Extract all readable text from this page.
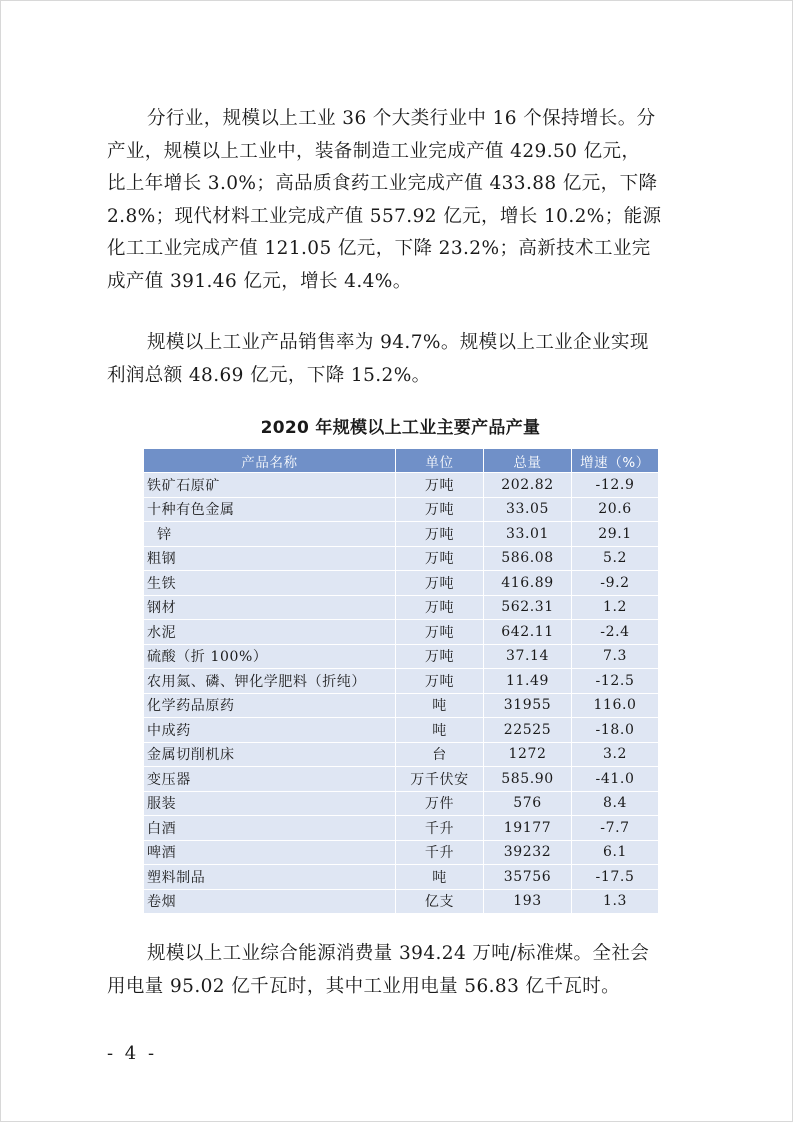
分行业，规模以上工业 36 个大类行业中 16 个保持增长。分
产业，规模以上工业中，装备制造工业完成产值 429.50 亿元，
比上年增长 3.0%；高品质食药工业完成产值 433.88 亿元，下降
2.8%；现代材料工业完成产值 557.92 亿元，增长 10.2%；能源
化工工业完成产值 121.05 亿元，下降 23.2%；高新技术工业完
成产值 391.46 亿元，增长 4.4%。
规模以上工业产品销售率为 94.7%。规模以上工业企业实现
利润总额 48.69 亿元，下降 15.2%。
2020 年规模以上工业主要产品产量
产品名称	单位	总量	增速（%）
铁矿石原矿	万吨	202.82	-12.9
十种有色金属	万吨	33.05	20.6
锌	万吨	33.01	29.1
粗钢	万吨	586.08	5.2
生铁	万吨	416.89	-9.2
钢材	万吨	562.31	1.2
水泥	万吨	642.11	-2.4
硫酸（折 100%）	万吨	37.14	7.3
农用氮、磷、钾化学肥料（折纯）	万吨	11.49	-12.5
化学药品原药	吨	31955	116.0
中成药	吨	22525	-18.0
金属切削机床	台	1272	3.2
变压器	万千伏安	585.90	-41.0
服装	万件	576	8.4
白酒	千升	19177	-7.7
啤酒	千升	39232	6.1
塑料制品	吨	35756	-17.5
卷烟	亿支	193	1.3
规模以上工业综合能源消费量 394.24 万吨/标准煤。全社会
用电量 95.02 亿千瓦时，其中工业用电量 56.83 亿千瓦时。
- 4 -
